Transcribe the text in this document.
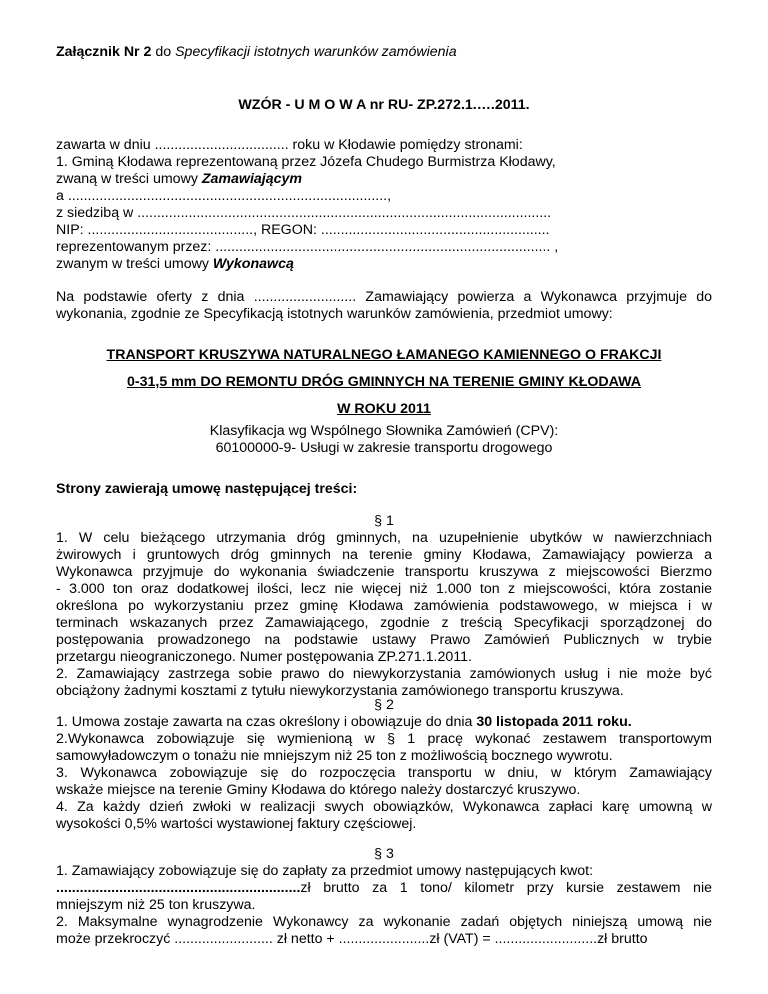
Załącznik Nr 2 do Specyfikacji istotnych warunków zamówienia
WZÓR - U M O W A nr RU- ZP.272.1.….2011.
zawarta w dniu .................................. roku w Kłodawie pomiędzy stronami:
1. Gminą Kłodawa reprezentowaną przez Józefa Chudego Burmistrza Kłodawy,
zwaną w treści umowy Zamawiającym
a .................................................................................,
z siedzibą w .........................................................................................................
NIP: .........................................., REGON: ..........................................................
reprezentowanym przez: ..................................................................................... ,
zwanym w treści umowy Wykonawcą
Na podstawie oferty z dnia .......................... Zamawiający powierza a Wykonawca przyjmuje do
wykonania, zgodnie ze Specyfikacją istotnych warunków zamówienia, przedmiot umowy:
TRANSPORT KRUSZYWA NATURALNEGO ŁAMANEGO KAMIENNEGO O FRAKCJI
0-31,5 mm DO REMONTU DRÓG GMINNYCH NA TERENIE GMINY KŁODAWA
W ROKU 2011
Klasyfikacja wg Wspólnego Słownika Zamówień (CPV):
60100000-9- Usługi w zakresie transportu drogowego
Strony zawierają umowę następującej treści:
§ 1
1. W celu bieżącego utrzymania dróg gminnych, na uzupełnienie ubytków w nawierzchniach
żwirowych i gruntowych dróg gminnych na terenie gminy Kłodawa, Zamawiający powierza a
Wykonawca przyjmuje do wykonania świadczenie transportu kruszywa z miejscowości Bierzmo
- 3.000 ton oraz dodatkowej ilości, lecz nie więcej niż 1.000 ton z miejscowości, która zostanie
określona po wykorzystaniu przez gminę Kłodawa zamówienia podstawowego, w miejsca i w
terminach wskazanych przez Zamawiającego, zgodnie z treścią Specyfikacji sporządzonej do
postępowania prowadzonego na podstawie ustawy Prawo Zamówień Publicznych w trybie
przetargu nieograniczonego. Numer postępowania ZP.271.1.2011.
2. Zamawiający zastrzega sobie prawo do niewykorzystania zamówionych usług i nie może być
obciążony żadnymi kosztami z tytułu niewykorzystania zamówionego transportu kruszywa.
§ 2
1. Umowa zostaje zawarta na czas określony i obowiązuje do dnia 30 listopada 2011 roku.
2.Wykonawca zobowiązuje się wymienioną w § 1 pracę wykonać zestawem transportowym
samowyładowczym o tonażu nie mniejszym niż 25 ton z możliwością bocznego wywrotu.
3. Wykonawca zobowiązuje się do rozpoczęcia transportu w dniu, w którym Zamawiający
wskaże miejsce na terenie Gminy Kłodawa do którego należy dostarczyć kruszywo.
4. Za każdy dzień zwłoki w realizacji swych obowiązków, Wykonawca zapłaci karę umowną w
wysokości 0,5% wartości wystawionej faktury częściowej.
§ 3
1. Zamawiający zobowiązuje się do zapłaty za przedmiot umowy następujących kwot:
..............................................................zł brutto za 1 tono/ kilometr przy kursie zestawem nie
mniejszym niż 25 ton kruszywa.
2. Maksymalne wynagrodzenie Wykonawcy za wykonanie zadań objętych niniejszą umową nie
może przekroczyć ......................... zł netto + .......................zł (VAT) = ..........................zł brutto
